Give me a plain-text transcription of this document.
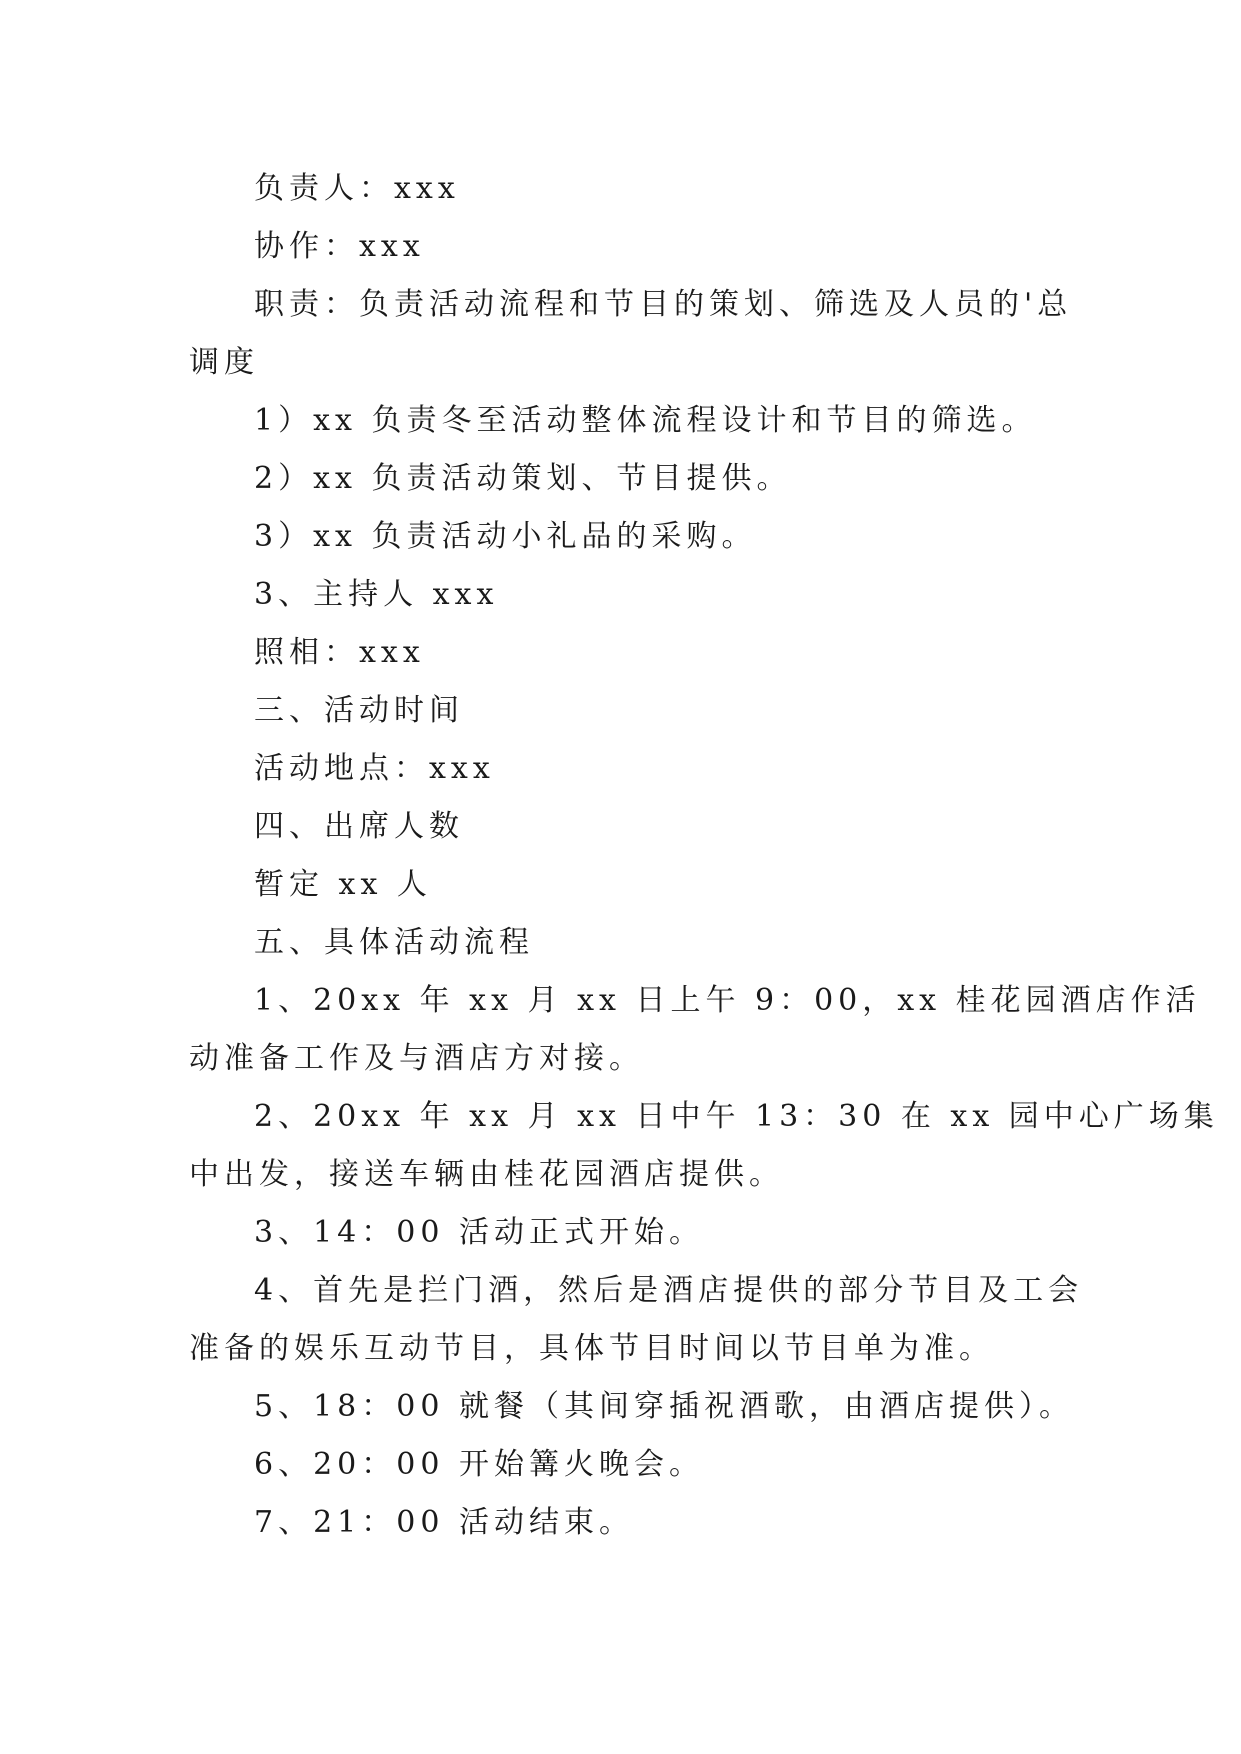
负责人：xxx
协作：xxx
职责：负责活动流程和节目的策划、筛选及人员的'总
调度
1）xx 负责冬至活动整体流程设计和节目的筛选。
2）xx 负责活动策划、节目提供。
3）xx 负责活动小礼品的采购。
3、主持人 xxx
照相：xxx
三、活动时间
活动地点：xxx
四、出席人数
暂定 xx 人
五、具体活动流程
1、20xx 年 xx 月 xx 日上午 9：00，xx 桂花园酒店作活
动准备工作及与酒店方对接。
2、20xx 年 xx 月 xx 日中午 13：30 在 xx 园中心广场集
中出发，接送车辆由桂花园酒店提供。
3、14：00 活动正式开始。
4、首先是拦门酒，然后是酒店提供的部分节目及工会
准备的娱乐互动节目，具体节目时间以节目单为准。
5、18：00 就餐（其间穿插祝酒歌，由酒店提供）。
6、20：00 开始篝火晚会。
7、21：00 活动结束。
